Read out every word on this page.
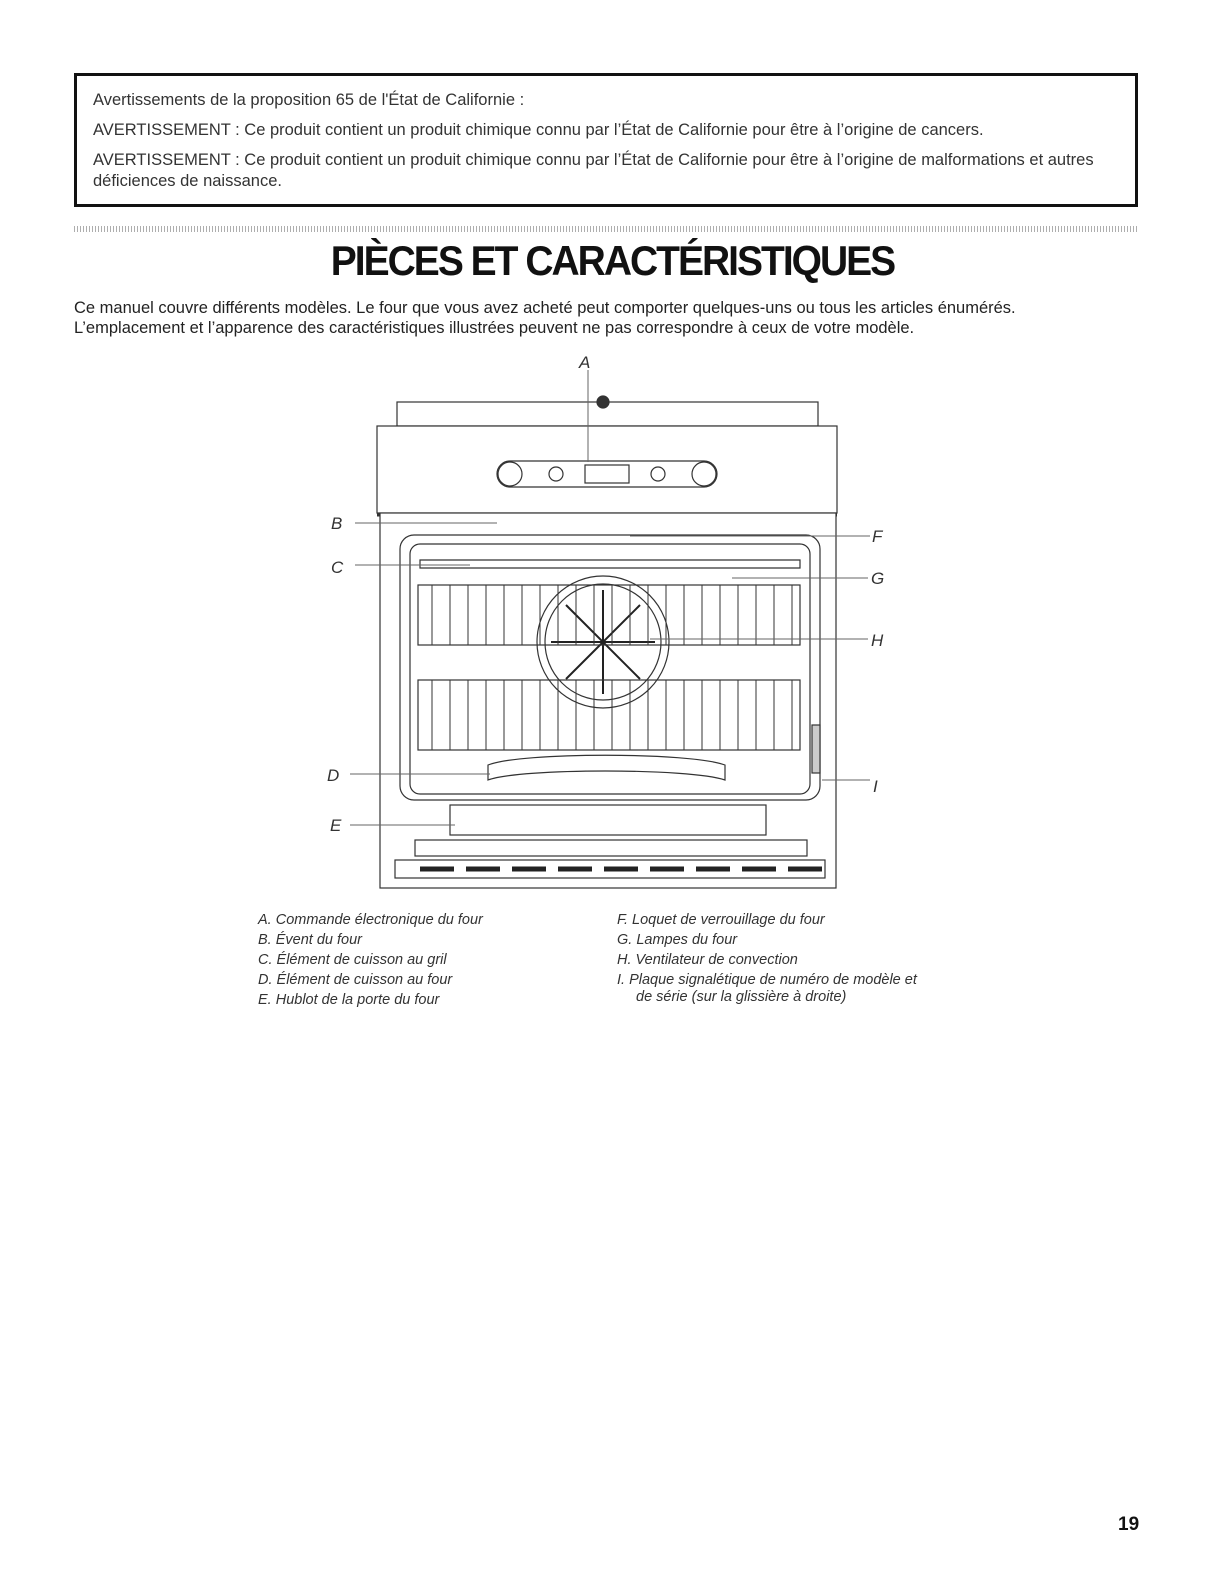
Avertissements de la proposition 65 de l'État de Californie :

AVERTISSEMENT : Ce produit contient un produit chimique connu par l’État de Californie pour être à l’origine de cancers.

AVERTISSEMENT : Ce produit contient un produit chimique connu par l’État de Californie pour être à l’origine de malformations et autres déficiences de naissance.

PIÈCES ET CARACTÉRISTIQUES
Ce manuel couvre différents modèles. Le four que vous avez acheté peut comporter quelques-uns ou tous les articles énumérés.
L’emplacement et l’apparence des caractéristiques illustrées peuvent ne pas correspondre à ceux de votre modèle.
A
B
C
D
E
F
G
H
I
A. Commande électronique du four
B. Évent du four
C. Élément de cuisson au gril
D. Élément de cuisson au four
E. Hublot de la porte du four
F. Loquet de verrouillage du four
G. Lampes du four
H. Ventilateur de convection
I. Plaque signalétique de numéro de modèle et
de série (sur la glissière à droite)
19
